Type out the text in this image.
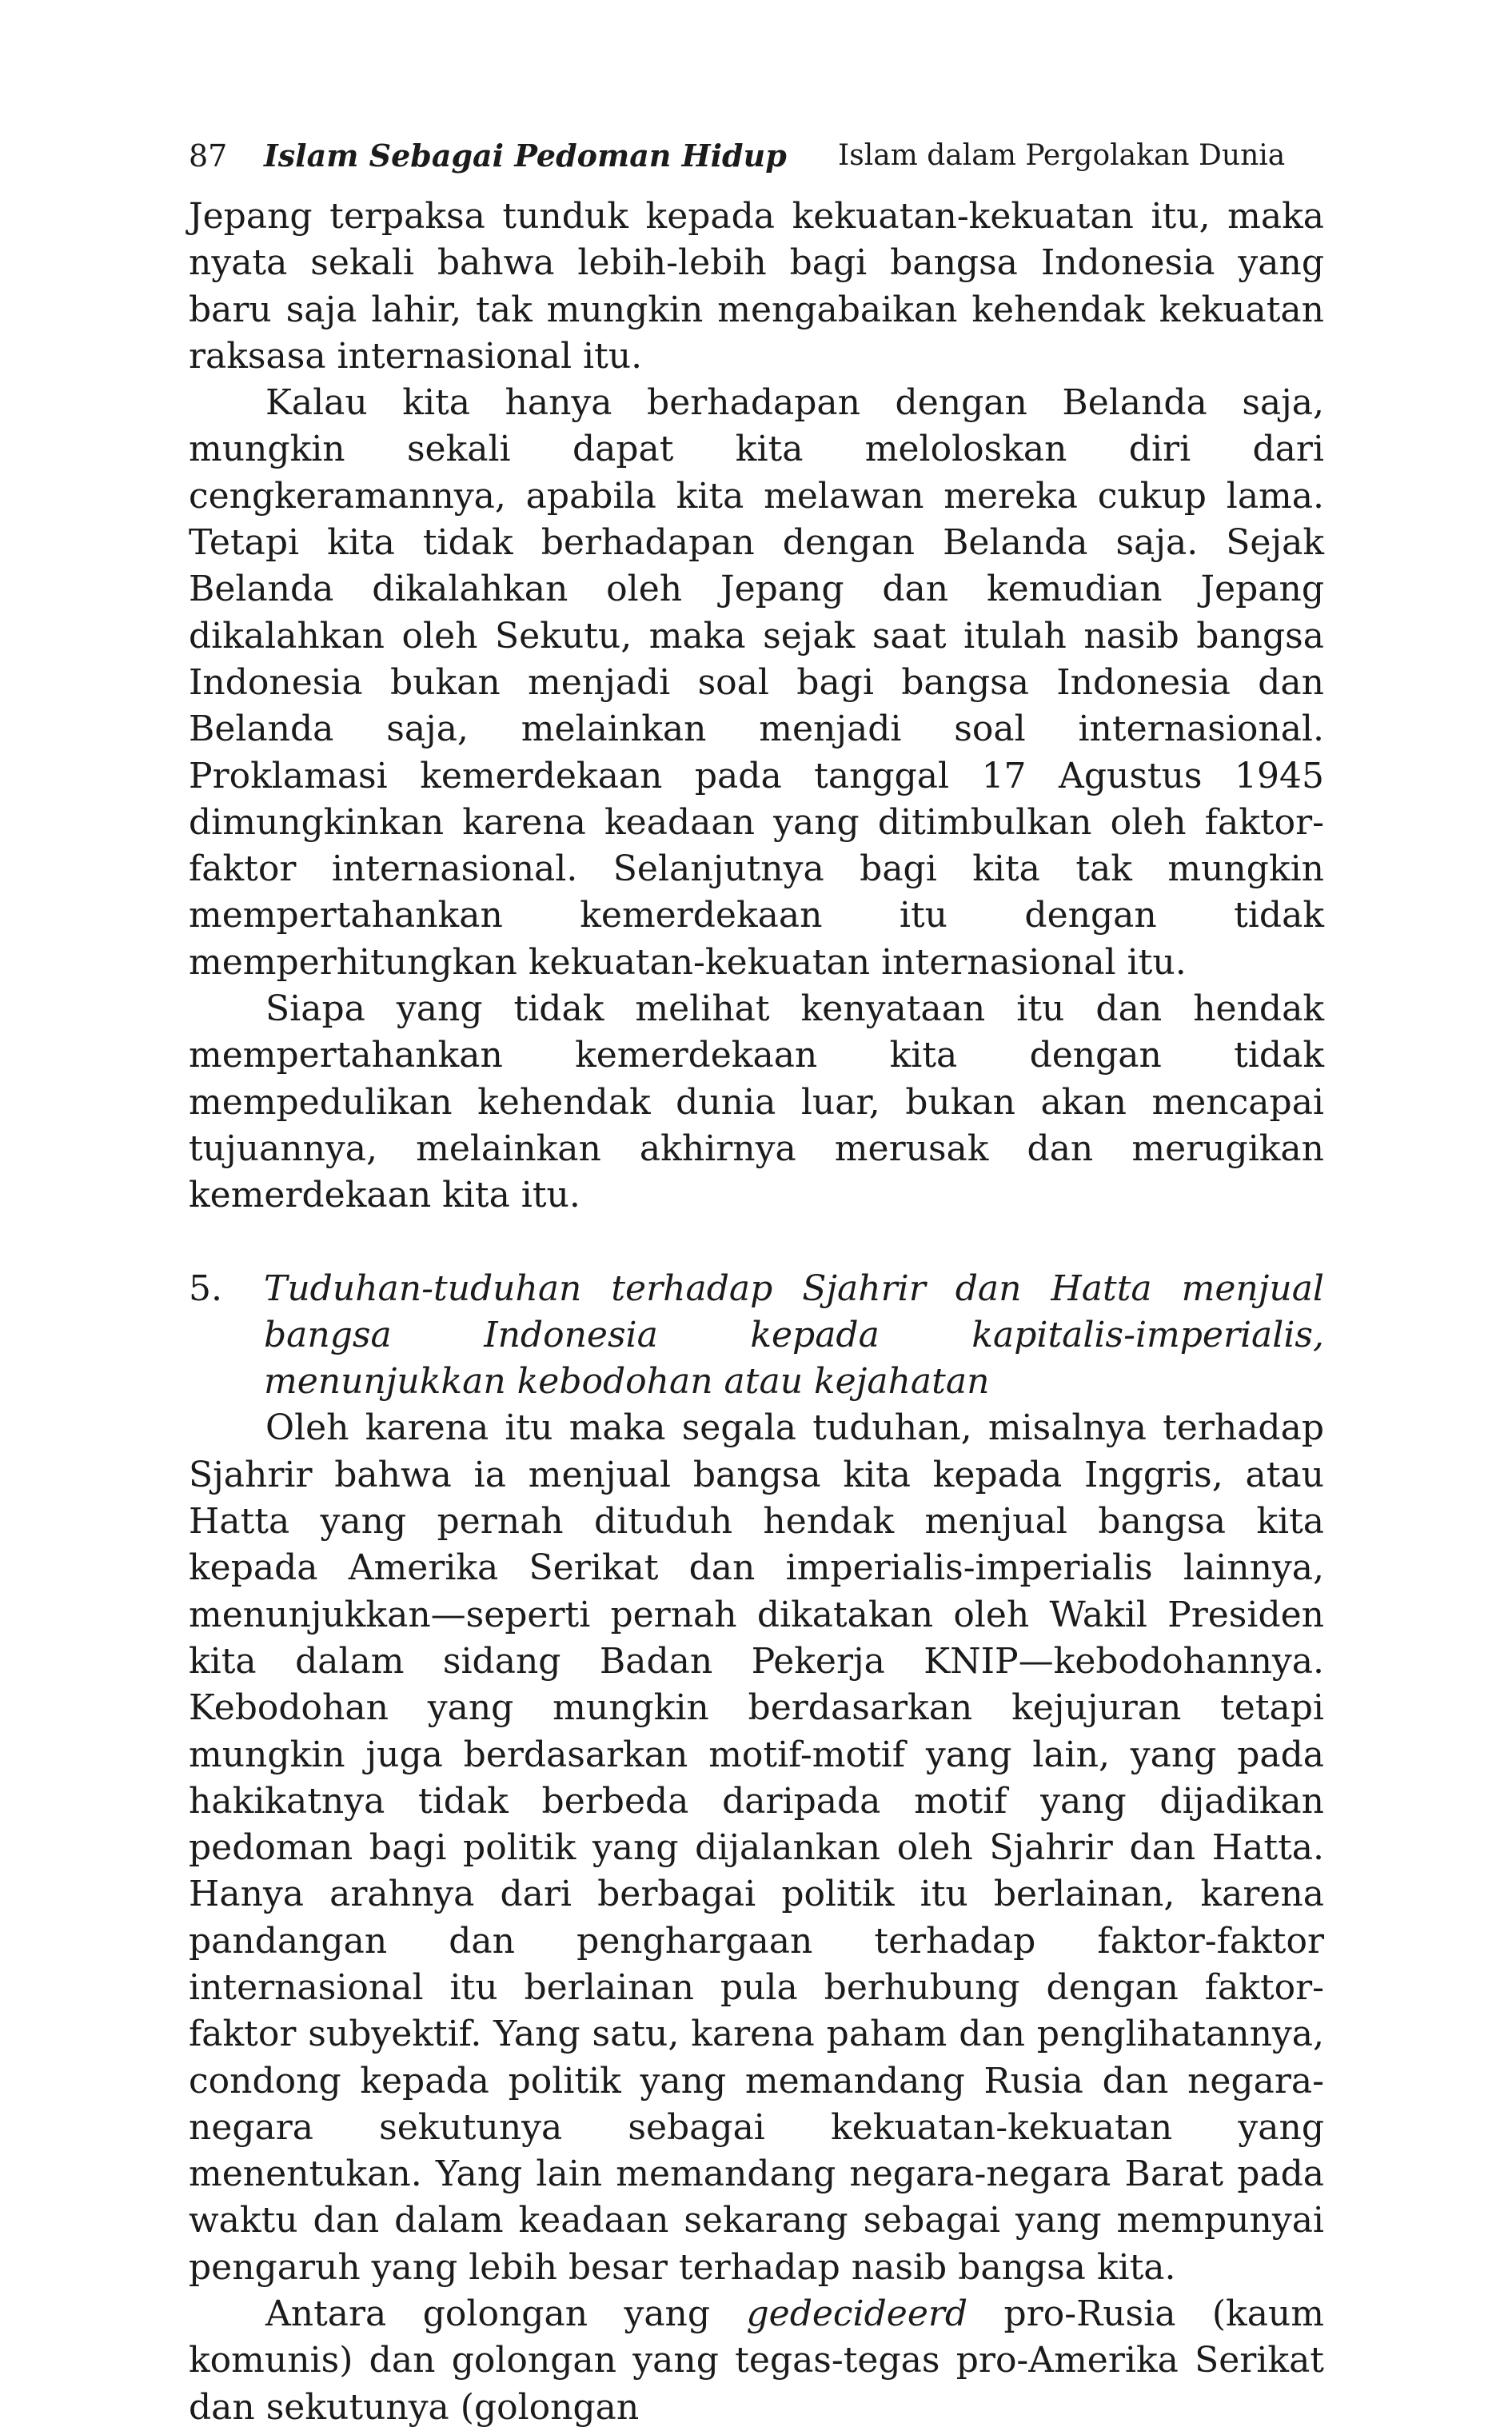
87 Islam Sebagai Pedoman Hidup Islam dalam Pergolakan Dunia

Jepang terpaksa tunduk kepada kekuatan-kekuatan itu, maka nyata sekali bahwa lebih-lebih bagi bangsa Indonesia yang baru saja lahir, tak mungkin mengabaikan kehendak kekuatan raksasa internasional itu.

Kalau kita hanya berhadapan dengan Belanda saja, mungkin sekali dapat kita meloloskan diri dari cengkeramannya, apabila kita melawan mereka cukup lama. Tetapi kita tidak berhadapan dengan Belanda saja. Sejak Belanda dikalahkan oleh Jepang dan kemudian Jepang dikalahkan oleh Sekutu, maka sejak saat itulah nasib bangsa Indonesia bukan menjadi soal bagi bangsa Indonesia dan Belanda saja, melainkan menjadi soal internasional. Proklamasi kemerdekaan pada tanggal 17 Agustus 1945 dimungkinkan karena keadaan yang ditimbulkan oleh faktor-faktor internasional. Selanjutnya bagi kita tak mungkin mempertahankan kemerdekaan itu dengan tidak memperhitungkan kekuatan-kekuatan internasional itu.

Siapa yang tidak melihat kenyataan itu dan hendak mempertahankan kemerdekaan kita dengan tidak mempedulikan kehendak dunia luar, bukan akan mencapai tujuannya, melainkan akhirnya merusak dan merugikan kemerdekaan kita itu.

5. Tuduhan-tuduhan terhadap Sjahrir dan Hatta menjual bangsa Indonesia kepada kapitalis-imperialis, menunjukkan kebodohan atau kejahatan

Oleh karena itu maka segala tuduhan, misalnya terhadap Sjahrir bahwa ia menjual bangsa kita kepada Inggris, atau Hatta yang pernah dituduh hendak menjual bangsa kita kepada Amerika Serikat dan imperialis-imperialis lainnya, menunjukkan—seperti pernah dikatakan oleh Wakil Presiden kita dalam sidang Badan Pekerja KNIP—kebodohannya. Kebodohan yang mungkin berdasarkan kejujuran tetapi mungkin juga berdasarkan motif-motif yang lain, yang pada hakikatnya tidak berbeda daripada motif yang dijadikan pedoman bagi politik yang dijalankan oleh Sjahrir dan Hatta. Hanya arahnya dari berbagai politik itu berlainan, karena pandangan dan penghargaan terhadap faktor-faktor internasional itu berlainan pula berhubung dengan faktor-faktor subyektif. Yang satu, karena paham dan penglihatannya, condong kepada politik yang memandang Rusia dan negara-negara sekutunya sebagai kekuatan-kekuatan yang menentukan. Yang lain memandang negara-negara Barat pada waktu dan dalam keadaan sekarang sebagai yang mempunyai pengaruh yang lebih besar terhadap nasib bangsa kita.

Antara golongan yang gedecideerd pro-Rusia (kaum komunis) dan golongan yang tegas-tegas pro-Amerika Serikat dan sekutunya (golongan
